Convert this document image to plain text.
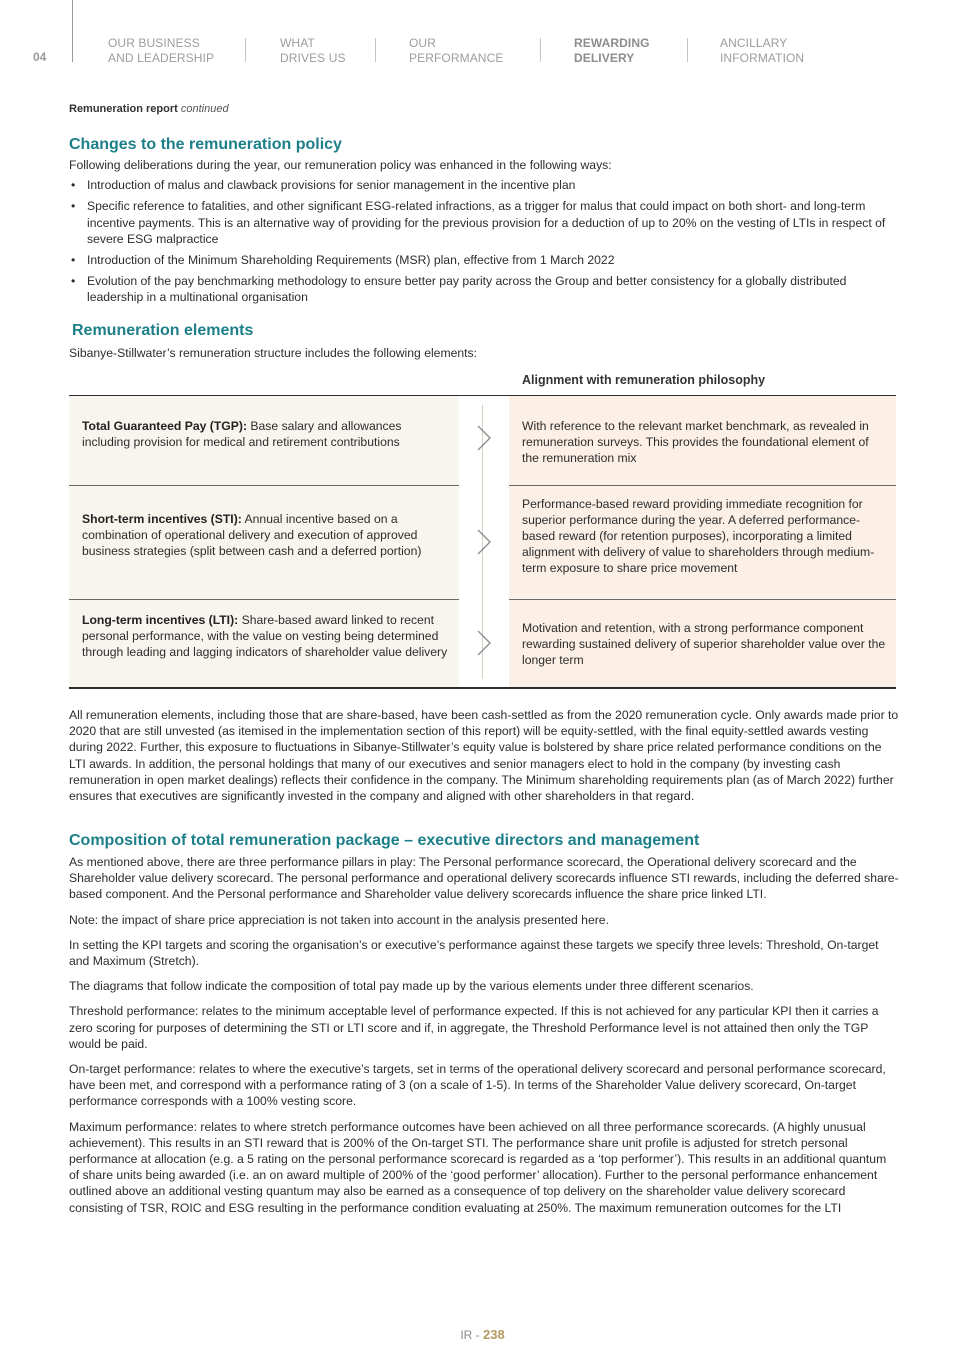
04
OUR BUSINESS
AND LEADERSHIP
WHAT
DRIVES US
OUR
PERFORMANCE
REWARDING
DELIVERY
ANCILLARY
INFORMATION
Remuneration report continued
Changes to the remuneration policy

Following deliberations during the year, our remuneration policy was enhanced in the following ways:

• Introduction of malus and clawback provisions for senior management in the incentive plan
• Specific reference to fatalities, and other significant ESG-related infractions, as a trigger for malus that could impact on both short- and long-term incentive payments. This is an alternative way of providing for the previous provision for a deduction of up to 20% on the vesting of LTIs in respect of severe ESG malpractice
• Introduction of the Minimum Shareholding Requirements (MSR) plan, effective from 1 March 2022
• Evolution of the pay benchmarking methodology to ensure better pay parity across the Group and better consistency for a globally distributed leadership in a multinational organisation
Remuneration elements

Sibanye-Stillwater’s remuneration structure includes the following elements:

Alignment with remuneration philosophy
Total Guaranteed Pay (TGP): Base salary and allowances including provision for medical and retirement contributions
With reference to the relevant market benchmark, as revealed in remuneration surveys. This provides the foundational element of the remuneration mix
Short-term incentives (STI): Annual incentive based on a combination of operational delivery and execution of approved business strategies (split between cash and a deferred portion)
Performance-based reward providing immediate recognition for superior performance during the year. A deferred performance-based reward (for retention purposes), incorporating a limited alignment with delivery of value to shareholders through medium-term exposure to share price movement
Long-term incentives (LTI): Share-based award linked to recent personal performance, with the value on vesting being determined through leading and lagging indicators of shareholder value delivery
Motivation and retention, with a strong performance component rewarding sustained delivery of superior shareholder value over the longer term

All remuneration elements, including those that are share-based, have been cash-settled as from the 2020 remuneration cycle. Only awards made prior to 2020 that are still unvested (as itemised in the implementation section of this report) will be equity-settled, with the final equity-settled awards vesting during 2022. Further, this exposure to fluctuations in Sibanye-Stillwater’s equity value is bolstered by share price related performance conditions on the LTI awards. In addition, the personal holdings that many of our executives and senior managers elect to hold in the company (by investing cash remuneration in open market dealings) reflects their confidence in the company. The Minimum shareholding requirements plan (as of March 2022) further ensures that executives are significantly invested in the company and aligned with other shareholders in that regard.

Composition of total remuneration package – executive directors and management

As mentioned above, there are three performance pillars in play: The Personal performance scorecard, the Operational delivery scorecard and the Shareholder value delivery scorecard. The personal performance and operational delivery scorecards influence STI rewards, including the deferred share-based component. And the Personal performance and Shareholder value delivery scorecards influence the share price linked LTI.

Note: the impact of share price appreciation is not taken into account in the analysis presented here.

In setting the KPI targets and scoring the organisation’s or executive’s performance against these targets we specify three levels: Threshold, On-target and Maximum (Stretch).

The diagrams that follow indicate the composition of total pay made up by the various elements under three different scenarios.

Threshold performance: relates to the minimum acceptable level of performance expected. If this is not achieved for any particular KPI then it carries a zero scoring for purposes of determining the STI or LTI score and if, in aggregate, the Threshold Performance level is not attained then only the TGP would be paid.

On-target performance: relates to where the executive’s targets, set in terms of the operational delivery scorecard and personal performance scorecard, have been met, and correspond with a performance rating of 3 (on a scale of 1-5). In terms of the Shareholder Value delivery scorecard, On-target performance corresponds with a 100% vesting score.

Maximum performance: relates to where stretch performance outcomes have been achieved on all three performance scorecards. (A highly unusual achievement). This results in an STI reward that is 200% of the On-target STI. The performance share unit profile is adjusted for stretch personal performance at allocation (e.g. a 5 rating on the personal performance scorecard is regarded as a ‘top performer’). This results in an additional quantum of share units being awarded (i.e. an on award multiple of 200% of the ‘good performer’ allocation). Further to the personal performance enhancement outlined above an additional vesting quantum may also be earned as a consequence of top delivery on the shareholder value delivery scorecard consisting of TSR, ROIC and ESG resulting in the performance condition evaluating at 250%. The maximum remuneration outcomes for the LTI

IR - 238
